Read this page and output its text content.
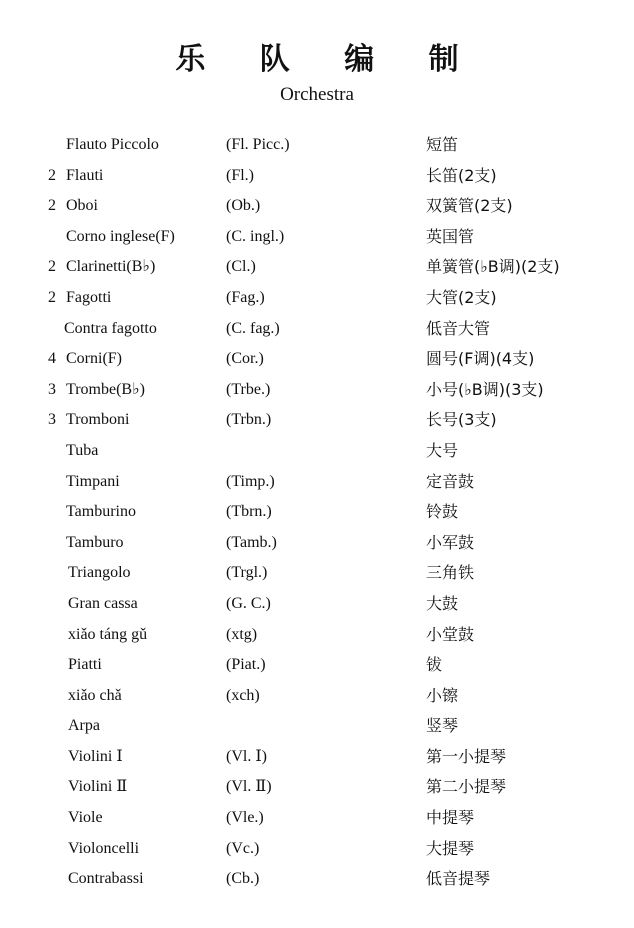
乐 队 编 制
Orchestra
Flauto Piccolo	(Fl. Picc.)	短笛
2 Flauti	(Fl.)	长笛(2支)
2 Oboi	(Ob.)	双簧管(2支)
Corno inglese(F)	(C. ingl.)	英国管
2 Clarinetti(B♭)	(Cl.)	单簧管(♭B调)(2支)
2 Fagotti	(Fag.)	大管(2支)
Contra fagotto	(C. fag.)	低音大管
4 Corni(F)	(Cor.)	圆号(F调)(4支)
3 Trombe(B♭)	(Trbe.)	小号(♭B调)(3支)
3 Tromboni	(Trbn.)	长号(3支)
Tuba	大号
Timpani	(Timp.)	定音鼓
Tamburino	(Tbrn.)	铃鼓
Tamburo	(Tamb.)	小军鼓
Triangolo	(Trgl.)	三角铁
Gran cassa	(G. C.)	大鼓
xiǎo táng gǔ	(xtg)	小堂鼓
Piatti	(Piat.)	钹
xiǎo chǎ	(xch)	小镲
Arpa	竖琴
Violini Ⅰ	(Vl. Ⅰ)	第一小提琴
Violini Ⅱ	(Vl. Ⅱ)	第二小提琴
Viole	(Vle.)	中提琴
Violoncelli	(Vc.)	大提琴
Contrabassi	(Cb.)	低音提琴
